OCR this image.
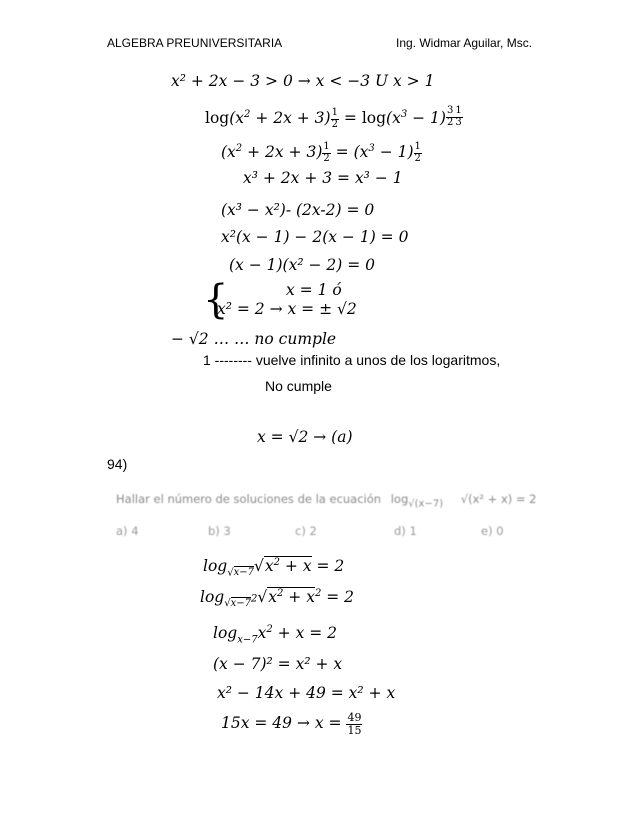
ALGEBRA PREUNIVERSITARIA	Ing. Widmar Aguilar, Msc.
x² + 2x − 3 > 0 → x < −3 U x > 1
$\log(x^2 + 2x + 3) \frac{1}{2} = \log(x^3 - 1) \frac{3}{2} \frac{1}{3}$
$(x^2 + 2x + 3) \frac{1}{2} = (x^3 - 1) \frac{1}{2}$
x³ + 2x + 3 = x³ − 1
(x³ − x²)- (2x-2) = 0
x²(x − 1) − 2(x − 1) = 0
(x − 1)(x² − 2) = 0
{	x = 1 ó
x² = 2 → x = ± √2
− √2 … … no cumple
1 -------- vuelve infinito a unos de los logaritmos,
No cumple
x = √2 → (a)
94)
Hallar el número de soluciones de la ecuación $\log_{√(x-7)} √(x^2 + x) = 2$
a) 4	b) 3	c) 2	d) 1	e) 0
$\log_{√x-7}√x^2 + x = 2$
$\log_{√x-7^2}√x^2 + x^2 = 2$
$\log_{x-7}x^2 + x = 2$
(x − 7)² = x² + x
x² − 14x + 49 = x² + x
$15x = 49 \to x = \frac{49}{15}$
